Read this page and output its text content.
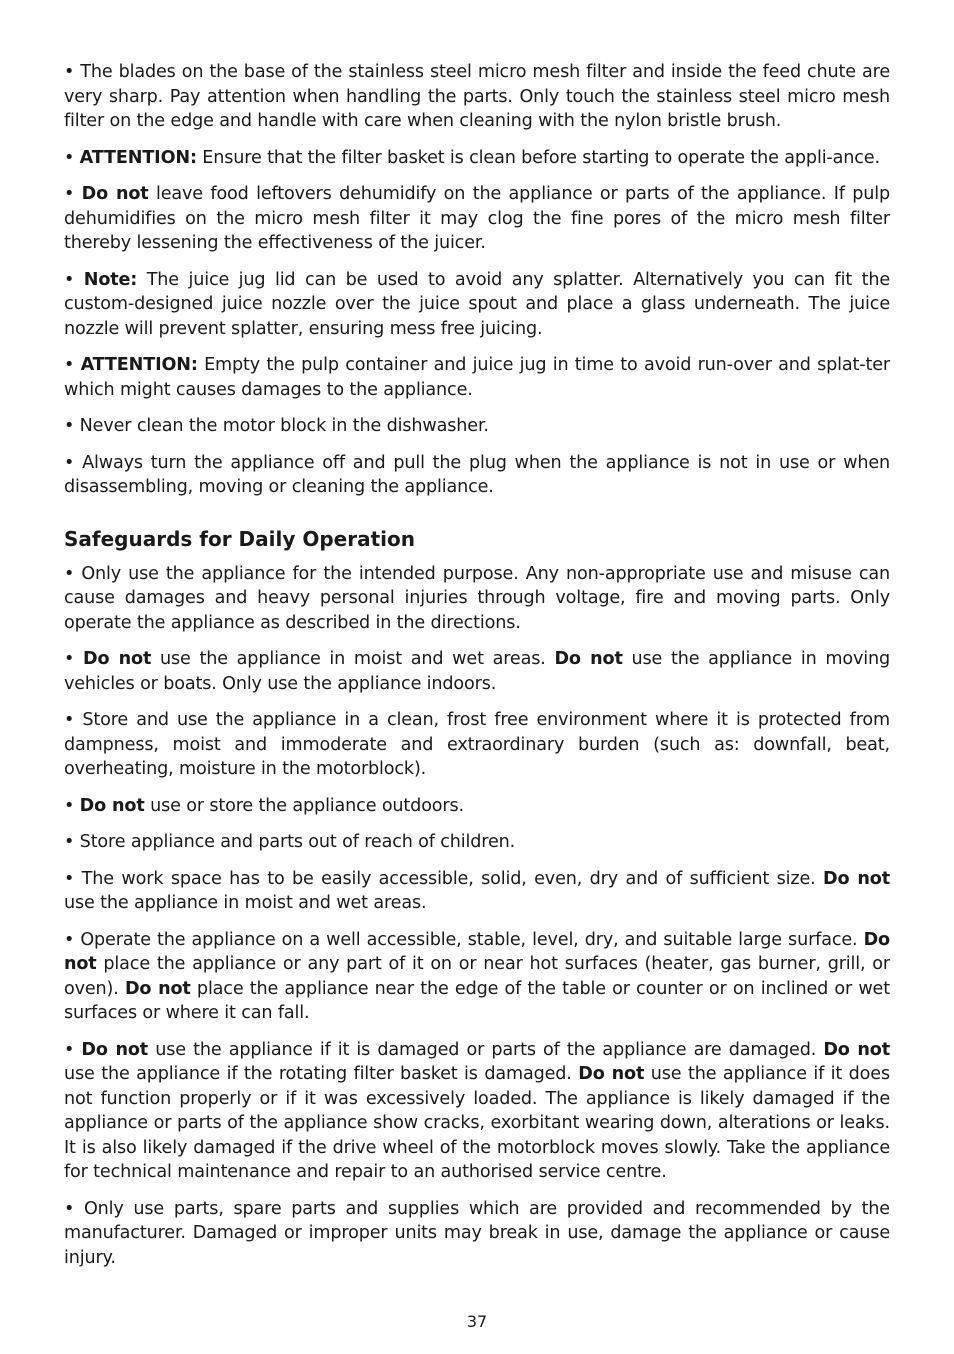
• The blades on the base of the stainless steel micro mesh filter and inside the feed chute are very sharp. Pay attention when handling the parts. Only touch the stainless steel micro mesh filter on the edge and handle with care when cleaning with the nylon bristle brush.

• ATTENTION: Ensure that the filter basket is clean before starting to operate the appli-ance.

• Do not leave food leftovers dehumidify on the appliance or parts of the appliance. If pulp dehumidifies on the micro mesh filter it may clog the fine pores of the micro mesh filter thereby lessening the effectiveness of the juicer.

• Note: The juice jug lid can be used to avoid any splatter. Alternatively you can fit the custom-designed juice nozzle over the juice spout and place a glass underneath. The juice nozzle will prevent splatter, ensuring mess free juicing.

• ATTENTION: Empty the pulp container and juice jug in time to avoid run-over and splat-ter which might causes damages to the appliance.

• Never clean the motor block in the dishwasher.

• Always turn the appliance off and pull the plug when the appliance is not in use or when disassembling, moving or cleaning the appliance.

Safeguards for Daily Operation

• Only use the appliance for the intended purpose. Any non-appropriate use and misuse can cause damages and heavy personal injuries through voltage, fire and moving parts. Only operate the appliance as described in the directions.

• Do not use the appliance in moist and wet areas. Do not use the appliance in moving vehicles or boats. Only use the appliance indoors.

• Store and use the appliance in a clean, frost free environment where it is protected from dampness, moist and immoderate and extraordinary burden (such as: downfall, beat, overheating, moisture in the motorblock).

• Do not use or store the appliance outdoors.

• Store appliance and parts out of reach of children.

• The work space has to be easily accessible, solid, even, dry and of sufficient size. Do not use the appliance in moist and wet areas.

• Operate the appliance on a well accessible, stable, level, dry, and suitable large surface. Do not place the appliance or any part of it on or near hot surfaces (heater, gas burner, grill, or oven). Do not place the appliance near the edge of the table or counter or on inclined or wet surfaces or where it can fall.

• Do not use the appliance if it is damaged or parts of the appliance are damaged. Do not use the appliance if the rotating filter basket is damaged. Do not use the appliance if it does not function properly or if it was excessively loaded. The appliance is likely damaged if the appliance or parts of the appliance show cracks, exorbitant wearing down, alterations or leaks. It is also likely damaged if the drive wheel of the motorblock moves slowly. Take the appliance for technical maintenance and repair to an authorised service centre.

• Only use parts, spare parts and supplies which are provided and recommended by the manufacturer. Damaged or improper units may break in use, damage the appliance or cause injury.

37
